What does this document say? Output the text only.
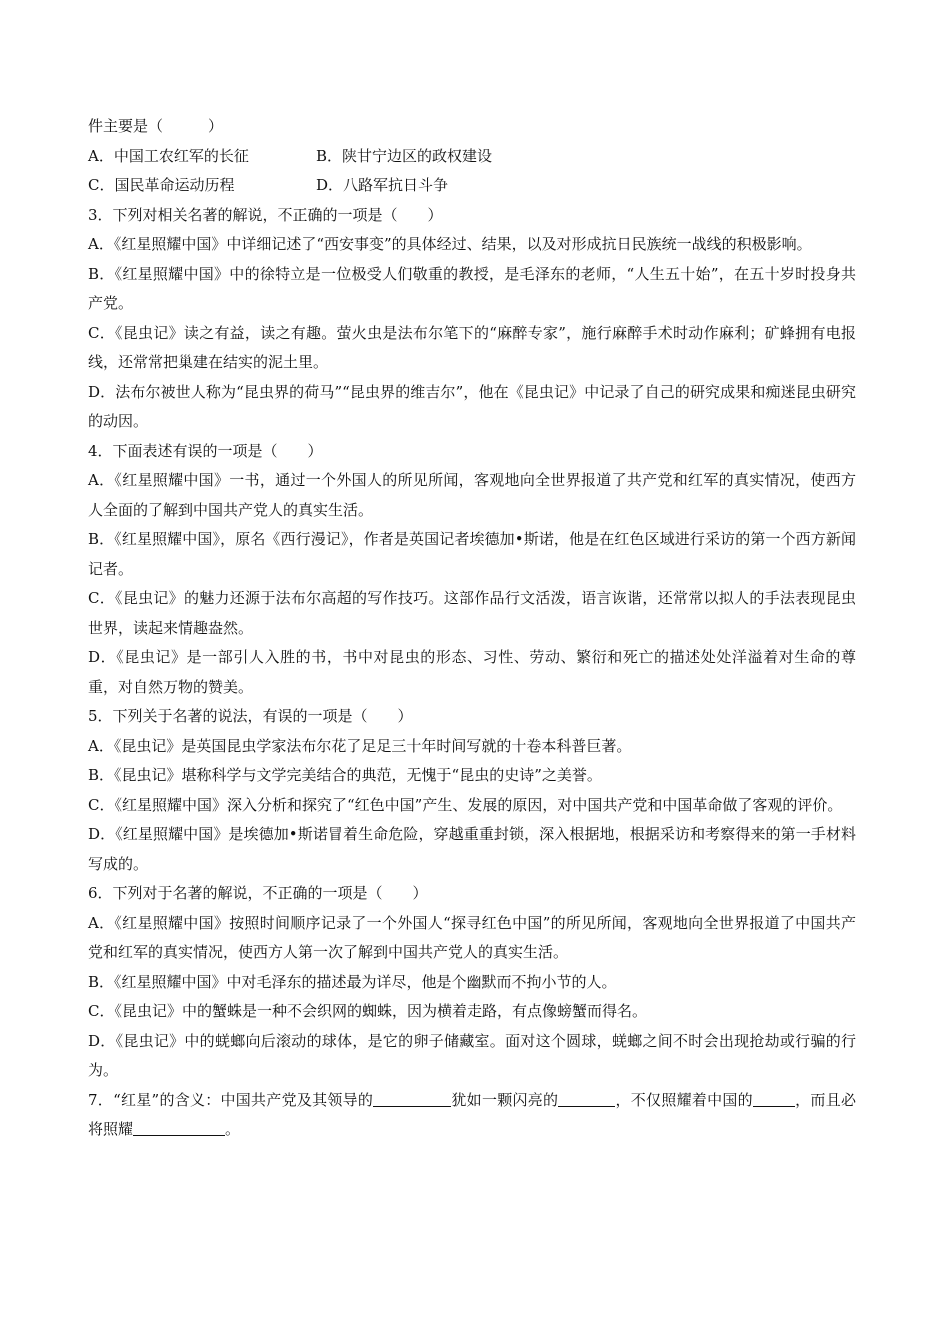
件主要是（　　　）
A．中国工农红军的长征	B．陕甘宁边区的政权建设
C．国民革命运动历程	D．八路军抗日斗争
3．下列对相关名著的解说，不正确的一项是（　　）
A．《红星照耀中国》中详细记述了“西安事变”的具体经过、结果，以及对形成抗日民族统一战线的积极影响。
B．《红星照耀中国》中的徐特立是一位极受人们敬重的教授，是毛泽东的老师，“人生五十始”，在五十岁时投身共产党。
C．《昆虫记》读之有益，读之有趣。萤火虫是法布尔笔下的“麻醉专家”，施行麻醉手术时动作麻利；矿蜂拥有电报线，还常常把巢建在结实的泥土里。
D．法布尔被世人称为“昆虫界的荷马”“昆虫界的维吉尔”，他在《昆虫记》中记录了自己的研究成果和痴迷昆虫研究的动因。
4．下面表述有误的一项是（　　）
A．《红星照耀中国》一书，通过一个外国人的所见所闻，客观地向全世界报道了共产党和红军的真实情况，使西方人全面的了解到中国共产党人的真实生活。
B．《红星照耀中国》，原名《西行漫记》，作者是英国记者埃德加•斯诺，他是在红色区域进行采访的第一个西方新闻记者。
C．《昆虫记》的魅力还源于法布尔高超的写作技巧。这部作品行文活泼，语言诙谐，还常常以拟人的手法表现昆虫世界，读起来情趣盎然。
D．《昆虫记》是一部引人入胜的书，书中对昆虫的形态、习性、劳动、繁衍和死亡的描述处处洋溢着对生命的尊重，对自然万物的赞美。
5．下列关于名著的说法，有误的一项是（　　）
A．《昆虫记》是英国昆虫学家法布尔花了足足三十年时间写就的十卷本科普巨著。
B．《昆虫记》堪称科学与文学完美结合的典范，无愧于“昆虫的史诗”之美誉。
C．《红星照耀中国》深入分析和探究了“红色中国”产生、发展的原因，对中国共产党和中国革命做了客观的评价。
D．《红星照耀中国》是埃德加•斯诺冒着生命危险，穿越重重封锁，深入根据地，根据采访和考察得来的第一手材料写成的。
6．下列对于名著的解说，不正确的一项是（　　）
A．《红星照耀中国》按照时间顺序记录了一个外国人“探寻红色中国”的所见所闻，客观地向全世界报道了中国共产党和红军的真实情况，使西方人第一次了解到中国共产党人的真实生活。
B．《红星照耀中国》中对毛泽东的描述最为详尽，他是个幽默而不拘小节的人。
C．《昆虫记》中的蟹蛛是一种不会织网的蜘蛛，因为横着走路，有点像螃蟹而得名。
D．《昆虫记》中的蜣螂向后滚动的球体，是它的卵子储藏室。面对这个圆球，蜣螂之间不时会出现抢劫或行骗的行为。
7．“红星”的含义：中国共产党及其领导的	犹如一颗闪亮的	，不仅照耀着中国的	，而且必将照耀	。
